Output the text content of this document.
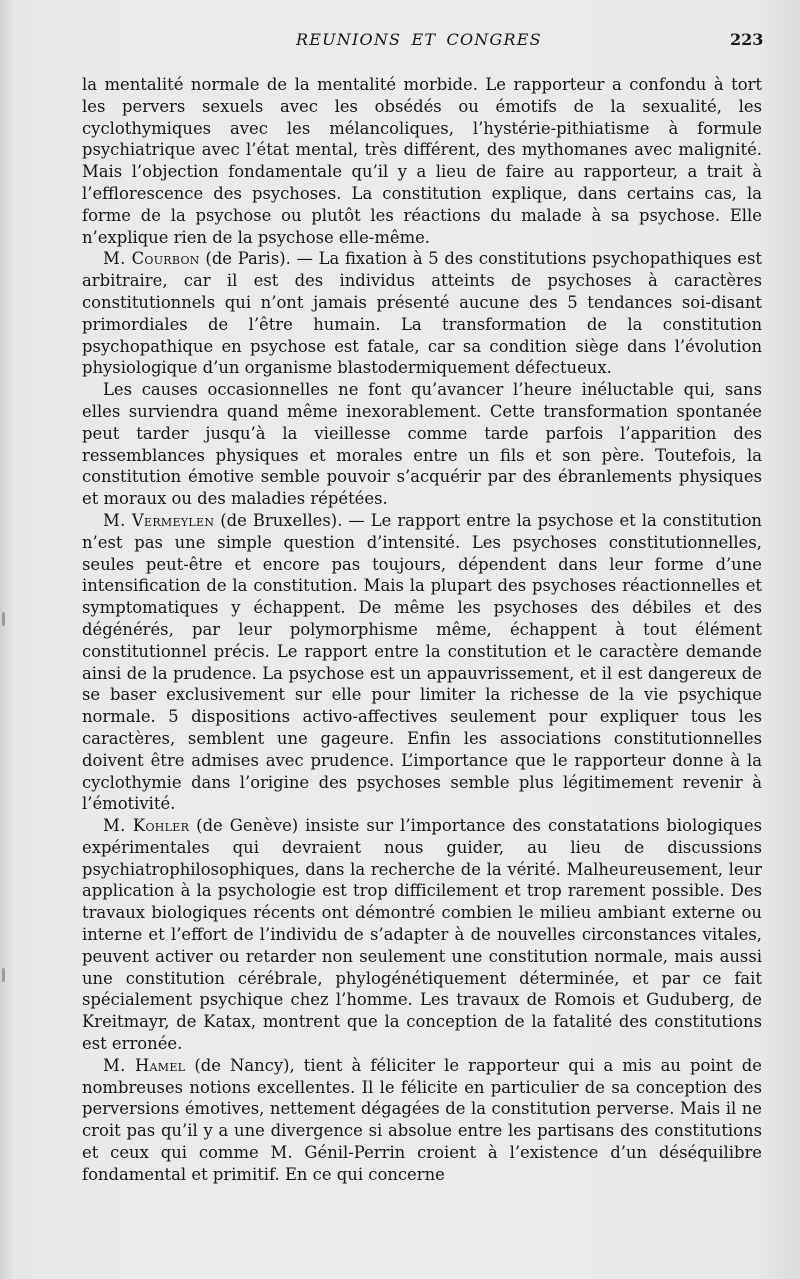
REUNIONS ET CONGRES	223

la mentalité normale de la mentalité morbide. Le rapporteur a confondu à tort les pervers sexuels avec les obsédés ou émotifs de la sexualité, les cyclothymiques avec les mélancoliques, l’hystérie-pithiatisme à formule psychiatrique avec l’état mental, très différent, des mythomanes avec malignité. Mais l’objection fondamentale qu’il y a lieu de faire au rapporteur, a trait à l’efflorescence des psychoses. La constitution explique, dans certains cas, la forme de la psychose ou plutôt les réactions du malade à sa psychose. Elle n’explique rien de la psychose elle-même.

M. Courbon (de Paris). — La fixation à 5 des constitutions psychopathiques est arbitraire, car il est des individus atteints de psychoses à caractères constitutionnels qui n’ont jamais présenté aucune des 5 tendances soi-disant primordiales de l’être humain. La transformation de la constitution psychopathique en psychose est fatale, car sa condition siège dans l’évolution physiologique d’un organisme blastodermiquement défectueux.

Les causes occasionnelles ne font qu’avancer l’heure inéluctable qui, sans elles surviendra quand même inexorablement. Cette transformation spontanée peut tarder jusqu’à la vieillesse comme tarde parfois l’apparition des ressemblances physiques et morales entre un fils et son père. Toutefois, la constitution émotive semble pouvoir s’acquérir par des ébranlements physiques et moraux ou des maladies répétées.

M. Vermeylen (de Bruxelles). — Le rapport entre la psychose et la constitution n’est pas une simple question d’intensité. Les psychoses constitutionnelles, seules peut-être et encore pas toujours, dépendent dans leur forme d’une intensification de la constitution. Mais la plupart des psychoses réactionnelles et symptomatiques y échappent. De même les psychoses des débiles et des dégénérés, par leur polymorphisme même, échappent à tout élément constitutionnel précis. Le rapport entre la constitution et le caractère demande ainsi de la prudence. La psychose est un appauvrissement, et il est dangereux de se baser exclusivement sur elle pour limiter la richesse de la vie psychique normale. 5 dispositions activo-affectives seulement pour expliquer tous les caractères, semblent une gageure. Enfin les associations constitutionnelles doivent être admises avec prudence. L’importance que le rapporteur donne à la cyclothymie dans l’origine des psychoses semble plus légitimement revenir à l’émotivité.

M. Kohler (de Genève) insiste sur l’importance des constatations biologiques expérimentales qui devraient nous guider, au lieu de discussions psychiatrophilosophiques, dans la recherche de la vérité. Malheureusement, leur application à la psychologie est trop difficilement et trop rarement possible. Des travaux biologiques récents ont démontré combien le milieu ambiant externe ou interne et l’effort de l’individu de s’adapter à de nouvelles circonstances vitales, peuvent activer ou retarder non seulement une constitution normale, mais aussi une constitution cérébrale, phylogénétiquement déterminée, et par ce fait spécialement psychique chez l’homme. Les travaux de Romois et Guduberg, de Kreitmayr, de Katax, montrent que la conception de la fatalité des constitutions est erronée.

M. Hamel (de Nancy), tient à féliciter le rapporteur qui a mis au point de nombreuses notions excellentes. Il le félicite en particulier de sa conception des perversions émotives, nettement dégagées de la constitution perverse. Mais il ne croit pas qu’il y a une divergence si absolue entre les partisans des constitutions et ceux qui comme M. Génil-Perrin croient à l’existence d’un déséquilibre fondamental et primitif. En ce qui concerne
